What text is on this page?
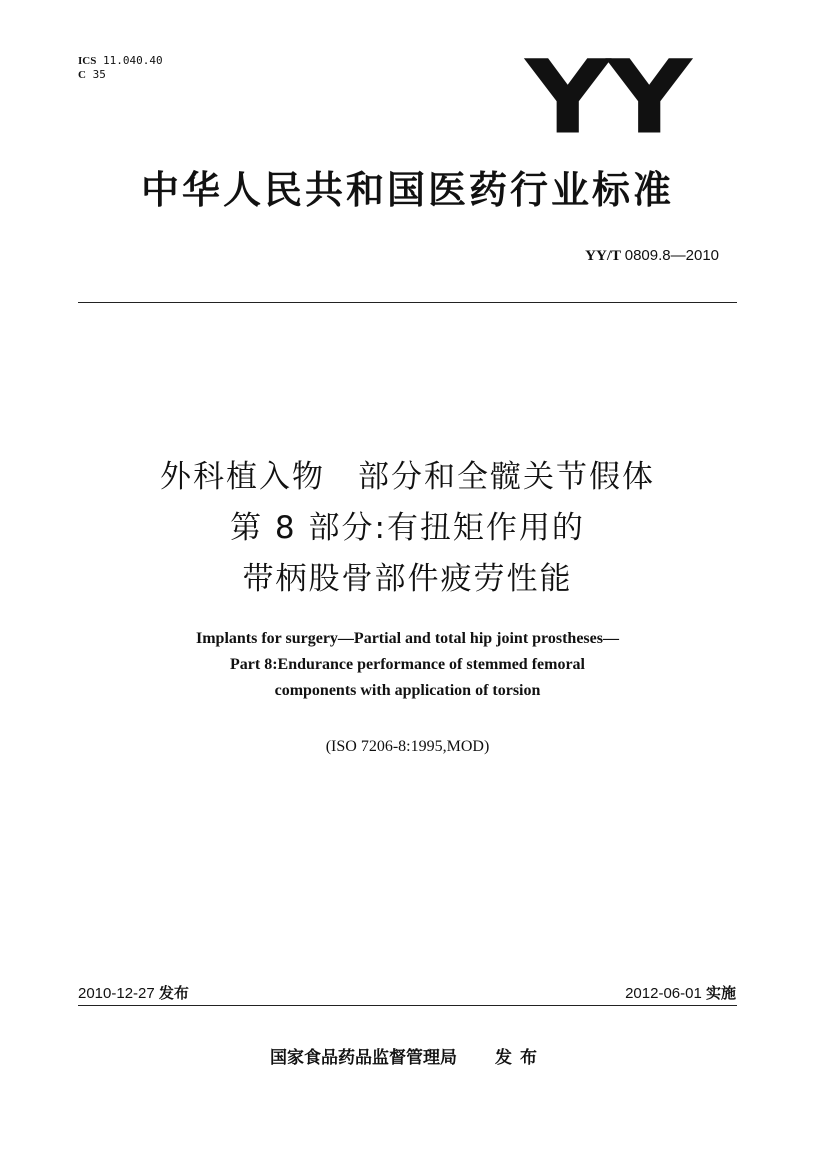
ICS 11.040.40
C 35	YY
中华人民共和国医药行业标准
YY/T 0809.8—2010
外科植入物　部分和全髋关节假体
第 8 部分:有扭矩作用的
带柄股骨部件疲劳性能
Implants for surgery—Partial and total hip joint prostheses—
Part 8:Endurance performance of stemmed femoral
components with application of torsion
(ISO 7206-8:1995,MOD)
2010-12-27 发布	2012-06-01 实施
国家食品药品监督管理局 发布
